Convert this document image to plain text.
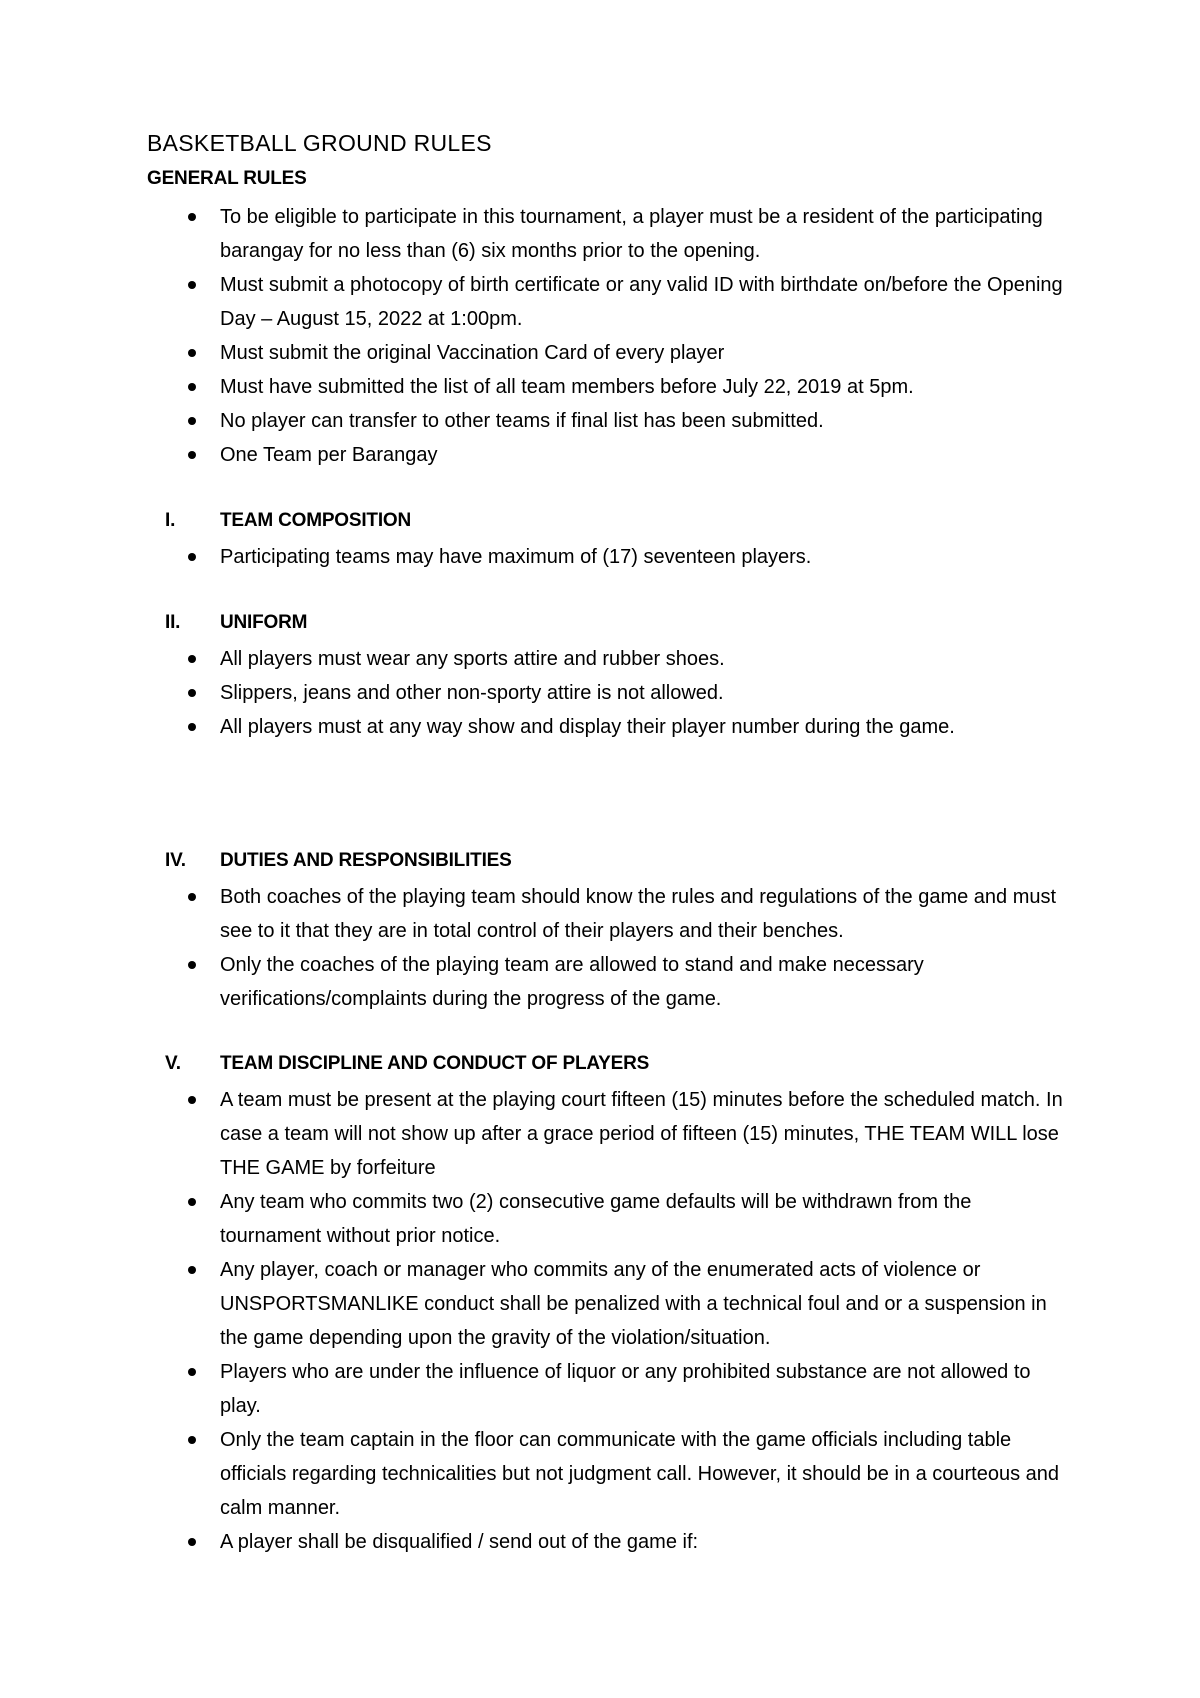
BASKETBALL GROUND RULES
GENERAL RULES
To be eligible to participate in this tournament, a player must be a resident of the participating barangay for no less than (6) six months prior to the opening.
Must submit a photocopy of birth certificate or any valid ID with birthdate on/before the Opening Day – August 15, 2022 at 1:00pm.
Must submit the original Vaccination Card of every player
Must have submitted the list of all team members before July 22, 2019 at 5pm.
No player can transfer to other teams if final list has been submitted.
One Team per Barangay
I. TEAM COMPOSITION
Participating teams may have maximum of (17) seventeen players.
II. UNIFORM
All players must wear any sports attire and rubber shoes.
Slippers, jeans and other non-sporty attire is not allowed.
All players must at any way show and display their player number during the game.
IV. DUTIES AND RESPONSIBILITIES
Both coaches of the playing team should know the rules and regulations of the game and must see to it that they are in total control of their players and their benches.
Only the coaches of the playing team are allowed to stand and make necessary verifications/complaints during the progress of the game.
V. TEAM DISCIPLINE AND CONDUCT OF PLAYERS
A team must be present at the playing court fifteen (15) minutes before the scheduled match. In case a team will not show up after a grace period of fifteen (15) minutes, THE TEAM WILL lose THE GAME by forfeiture
Any team who commits two (2) consecutive game defaults will be withdrawn from the tournament without prior notice.
Any player, coach or manager who commits any of the enumerated acts of violence or UNSPORTSMANLIKE conduct shall be penalized with a technical foul and or a suspension in the game depending upon the gravity of the violation/situation.
Players who are under the influence of liquor or any prohibited substance are not allowed to play.
Only the team captain in the floor can communicate with the game officials including table officials regarding technicalities but not judgment call. However, it should be in a courteous and calm manner.
A player shall be disqualified / send out of the game if:
